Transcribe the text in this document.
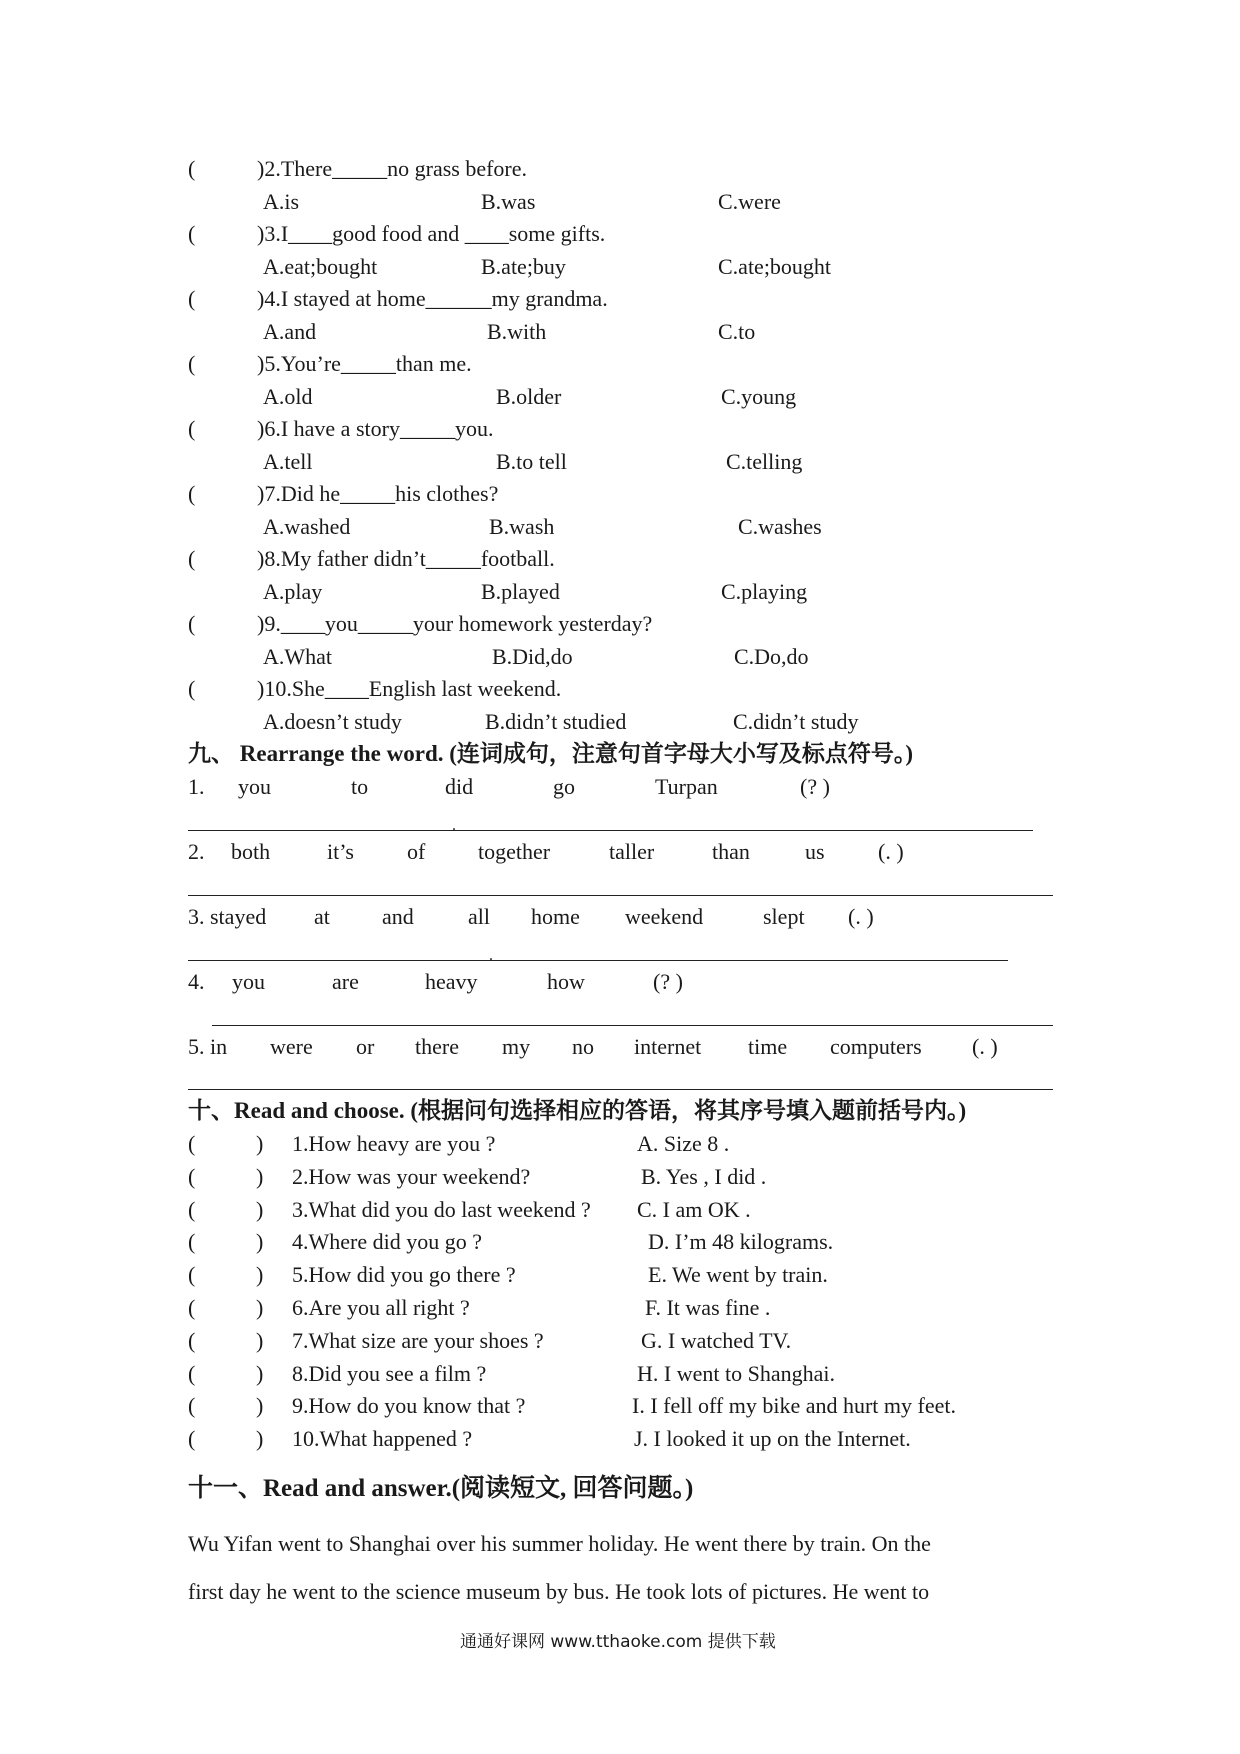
(	)2.There_____no grass before.
A.is	B.was	C.were
(	)3.I____good food and ____some gifts.
A.eat;bought	B.ate;buy	C.ate;bought
(	)4.I stayed at home______my grandma.
A.and	B.with	C.to
(	)5.You’re_____than me.
A.old	B.older	C.young
(	)6.I have a story_____you.
A.tell	B.to tell	C.telling
(	)7.Did he_____his clothes?
A.washed	B.wash	C.washes
(	)8.My father didn’t_____football.
A.play	B.played	C.playing
(	)9.____you_____your homework yesterday?
A.What	B.Did,do	C.Do,do
(	)10.She____English last weekend.
A.doesn’t study	B.didn’t studied	C.didn’t study
九、 Rearrange the word. (连词成句，注意句首字母大小写及标点符号。)
1. you	to	did	go	Turpan	(? )
.
2. both	it’s of together	taller	than	us (. )
3. stayed at and all home weekend	slept (. )
.
4. you	are	heavy	how	(? )
5. in were or there my no internet time computers (. )
十、Read and choose. (根据问句选择相应的答语，将其序号填入题前括号内。)
(	) 1.How heavy are you ?	A. Size 8 .
(	) 2.How was your weekend?	B. Yes , I did .
(	) 3.What did you do last weekend ? C. I am OK .
(	) 4.Where did you go ?	D. I’m 48 kilograms.
(	) 5.How did you go there ?	E. We went by train.
(	) 6.Are you all right ?	F. It was fine .
(	) 7.What size are your shoes ?	G. I watched TV.
(	) 8.Did you see a film ?	H. I went to Shanghai.
(	) 9.How do you know that ?	I. I fell off my bike and hurt my feet.
(	) 10.What happened ?	J. I looked it up on the Internet.
十一、Read and answer.(阅读短文, 回答问题。)
Wu Yifan went to Shanghai over his summer holiday. He went there by train. On the
first day he went to the science museum by bus. He took lots of pictures. He went to
通通好课网 www.tthaoke.com 提供下载
